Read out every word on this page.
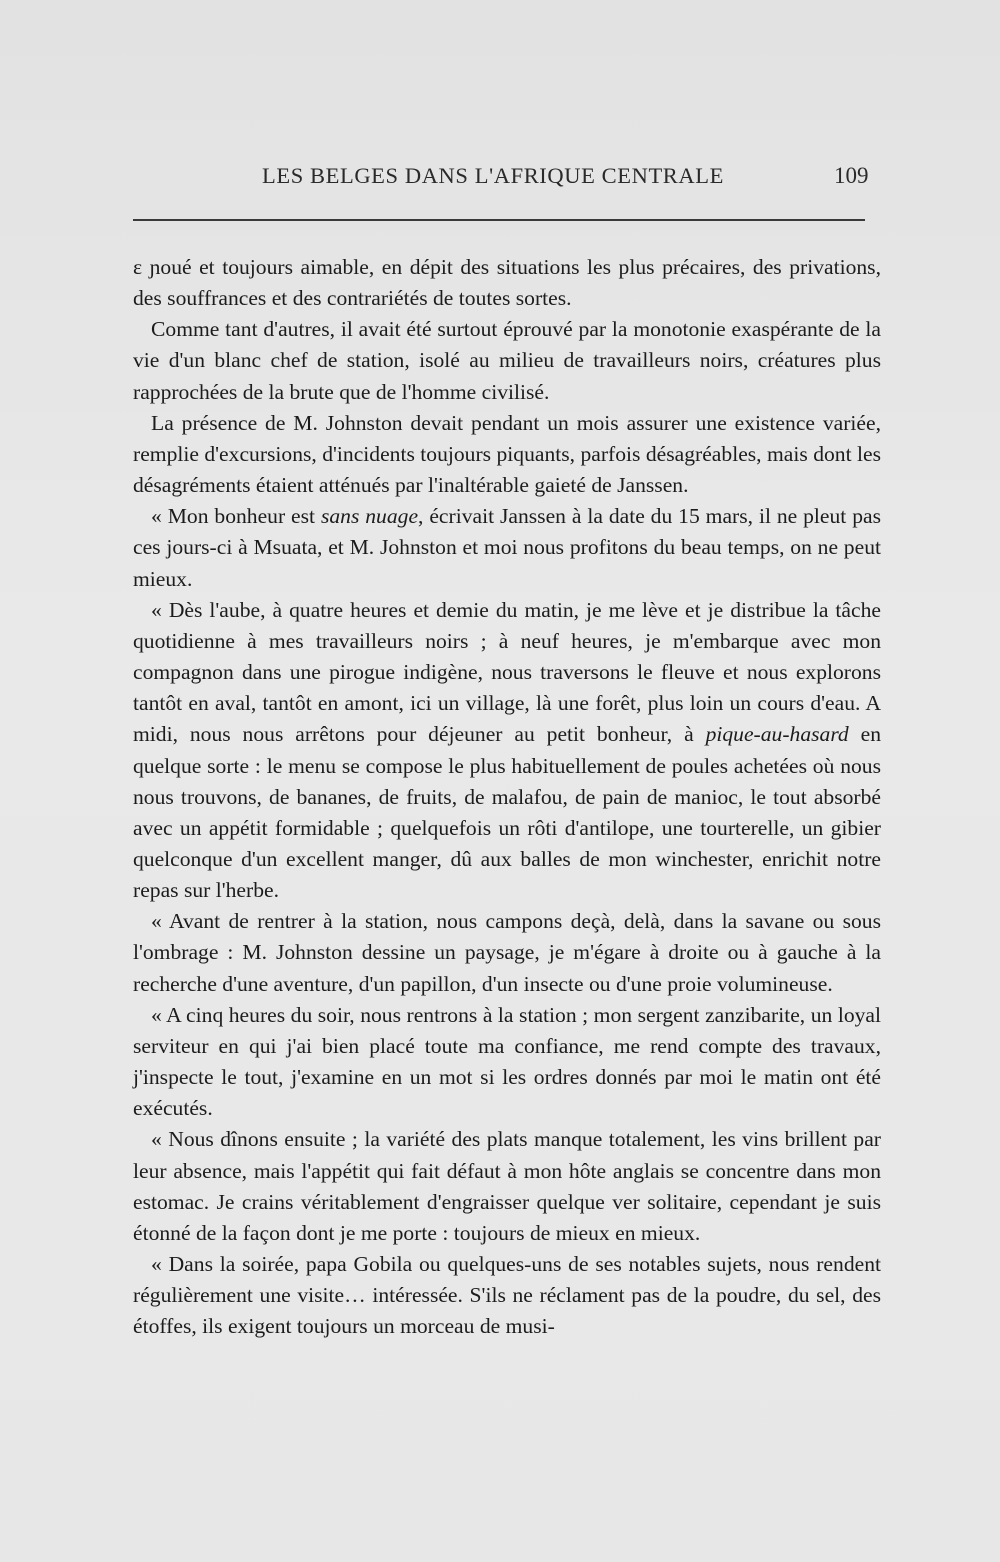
LES BELGES DANS L'AFRIQUE CENTRALE	109

ε ɲoué et toujours aimable, en dépit des situations les plus précaires, des privations, des souffrances et des contrariétés de toutes sortes.

Comme tant d'autres, il avait été surtout éprouvé par la monotonie exaspérante de la vie d'un blanc chef de station, isolé au milieu de travailleurs noirs, créatures plus rapprochées de la brute que de l'homme civilisé.

La présence de M. Johnston devait pendant un mois assurer une existence variée, remplie d'excursions, d'incidents toujours piquants, parfois désagréables, mais dont les désagréments étaient atténués par l'inaltérable gaieté de Janssen.

« Mon bonheur est sans nuage, écrivait Janssen à la date du 15 mars, il ne pleut pas ces jours-ci à Msuata, et M. Johnston et moi nous profitons du beau temps, on ne peut mieux.

« Dès l'aube, à quatre heures et demie du matin, je me lève et je distribue la tâche quotidienne à mes travailleurs noirs ; à neuf heures, je m'embarque avec mon compagnon dans une pirogue indigène, nous traversons le fleuve et nous explorons tantôt en aval, tantôt en amont, ici un village, là une forêt, plus loin un cours d'eau. A midi, nous nous arrêtons pour déjeuner au petit bonheur, à pique-au-hasard en quelque sorte : le menu se compose le plus habituellement de poules achetées où nous nous trouvons, de bananes, de fruits, de malafou, de pain de manioc, le tout absorbé avec un appétit formidable ; quelquefois un rôti d'antilope, une tourterelle, un gibier quelconque d'un excellent manger, dû aux balles de mon winchester, enrichit notre repas sur l'herbe.

« Avant de rentrer à la station, nous campons deçà, delà, dans la savane ou sous l'ombrage : M. Johnston dessine un paysage, je m'égare à droite ou à gauche à la recherche d'une aventure, d'un papillon, d'un insecte ou d'une proie volumineuse.

« A cinq heures du soir, nous rentrons à la station ; mon sergent zanzibarite, un loyal serviteur en qui j'ai bien placé toute ma confiance, me rend compte des travaux, j'inspecte le tout, j'examine en un mot si les ordres donnés par moi le matin ont été exécutés.

« Nous dînons ensuite ; la variété des plats manque totalement, les vins brillent par leur absence, mais l'appétit qui fait défaut à mon hôte anglais se concentre dans mon estomac. Je crains véritablement d'engraisser quelque ver solitaire, cependant je suis étonné de la façon dont je me porte : toujours de mieux en mieux.

« Dans la soirée, papa Gobila ou quelques-uns de ses notables sujets, nous rendent régulièrement une visite… intéressée. S'ils ne réclament pas de la poudre, du sel, des étoffes, ils exigent toujours un morceau de musi-
